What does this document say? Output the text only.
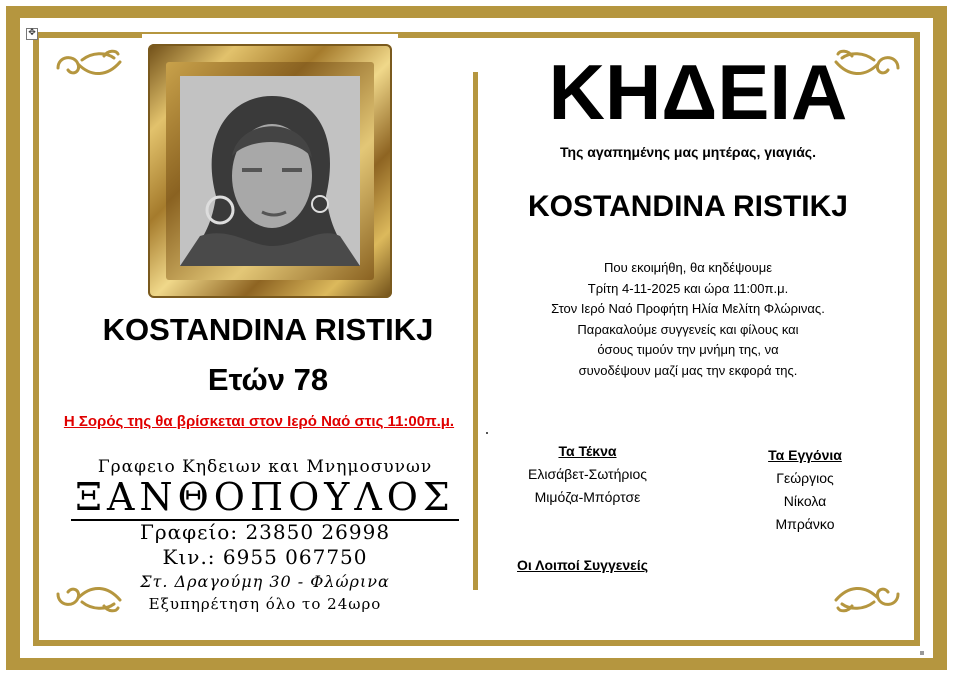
✥
KOSTANDINA RISTIKJ
Ετών 78
Η Σορός της θα βρίσκεται στον Ιερό Ναό στις 11:00π.μ.
Γραφειο Κηδειων και Μνημοσυνων
ΞΑΝΘΟΠΟΥΛΟΣ
Γραφείο: 23850 26998
Κιν.: 6955 067750
Στ. Δραγούμη 30 - Φλώρινα
Εξυπηρέτηση όλο το 24ωρο
ΚΗΔΕΙΑ
Της αγαπημένης μας μητέρας, γιαγιάς.
KOSTANDINA RISTIKJ
Που εκοιμήθη, θα κηδέψουμε
Τρίτη 4-11-2025 και ώρα 11:00π.μ.
Στον Ιερό Ναό Προφήτη Ηλία Μελίτη Φλώρινας.
Παρακαλούμε συγγενείς και φίλους και
όσους τιμούν την μνήμη της, να
συνοδέψουν μαζί μας την εκφορά της.
Τα Τέκνα
Ελισάβετ-Σωτήριος
Μιμόζα-Μπόρτσε
Τα Εγγόνια
Γεώργιος
Νίκολα
Μπράνκο
Οι Λοιποί Συγγενείς
